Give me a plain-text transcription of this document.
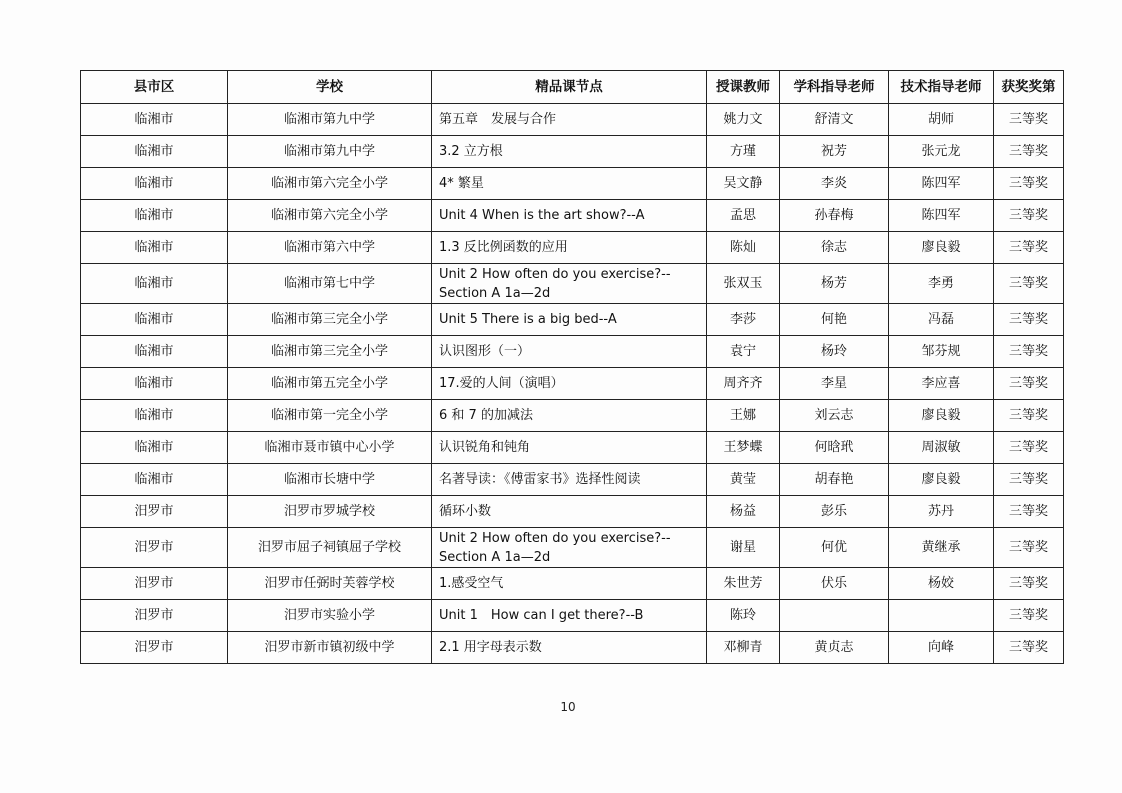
县市区	学校	精品课节点	授课教师	学科指导老师	技术指导老师	获奖奖第
临湘市	临湘市第九中学	第五章　发展与合作	姚力文	舒清文	胡师	三等奖
临湘市	临湘市第九中学	3.2 立方根	方瑾	祝芳	张元龙	三等奖
临湘市	临湘市第六完全小学	4* 繁星	吴文静	李炎	陈四军	三等奖
临湘市	临湘市第六完全小学	Unit 4 When is the art show?--A	孟思	孙春梅	陈四军	三等奖
临湘市	临湘市第六中学	1.3 反比例函数的应用	陈灿	徐志	廖良毅	三等奖
临湘市	临湘市第七中学	Unit 2 How often do you exercise?--Section A 1a—2d	张双玉	杨芳	李勇	三等奖
临湘市	临湘市第三完全小学	Unit 5 There is a big bed--A	李莎	何艳	冯磊	三等奖
临湘市	临湘市第三完全小学	认识图形（一）	袁宁	杨玲	邹芬规	三等奖
临湘市	临湘市第五完全小学	17.爱的人间（演唱）	周齐齐	李星	李应喜	三等奖
临湘市	临湘市第一完全小学	6 和 7 的加减法	王娜	刘云志	廖良毅	三等奖
临湘市	临湘市聂市镇中心小学	认识锐角和钝角	王梦蝶	何晗玳	周淑敏	三等奖
临湘市	临湘市长塘中学	名著导读：《傅雷家书》选择性阅读	黄莹	胡春艳	廖良毅	三等奖
汨罗市	汨罗市罗城学校	循环小数	杨益	彭乐	苏丹	三等奖
汨罗市	汨罗市屈子祠镇屈子学校	Unit 2 How often do you exercise?--Section A 1a—2d	谢星	何优	黄继承	三等奖
汨罗市	汨罗市任弼时芙蓉学校	1.感受空气	朱世芳	伏乐	杨姣	三等奖
汨罗市	汨罗市实验小学	Unit 1　How can I get there?--B	陈玲			三等奖
汨罗市	汨罗市新市镇初级中学	2.1 用字母表示数	邓柳青	黄贞志	向峰	三等奖
10
